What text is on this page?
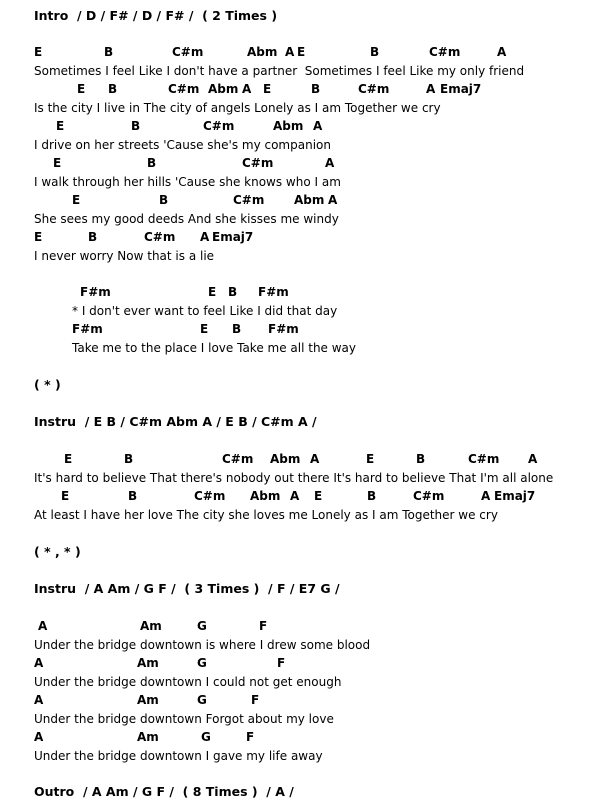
Intro  / D / F# / D / F# /  ( 2 Times )
E	B	C#m	Abm A E	B	C#m	A
Sometimes I feel Like I don't have a partner  Sometimes I feel Like my only friend
E B	C#m Abm A E	B	C#m	A Emaj7
Is the city I live in The city of angels Lonely as I am Together we cry
E	B	C#m	Abm A
I drive on her streets 'Cause she's my companion
E	B	C#m	A
I walk through her hills 'Cause she knows who I am
E	B	C#m Abm A
She sees my good deeds And she kisses me windy
E	B	C#m A Emaj7
I never worry Now that is a lie
F#m	E B F#m
* I don't ever want to feel Like I did that day
F#m	E B F#m
Take me to the place I love Take me all the way
( * )
Instru  / E B / C#m Abm A / E B / C#m A /
E	B	C#m Abm A	E	B	C#m A
It's hard to believe That there's nobody out there It's hard to believe That I'm all alone
E	B	C#m Abm A E	B	C#m	A Emaj7
At least I have her love The city she loves me Lonely as I am Together we cry
( * , * )
Instru  / A Am / G F /  ( 3 Times )  / F / E7 G /
A	Am	G	F
Under the bridge downtown is where I drew some blood
A	Am	G	F
Under the bridge downtown I could not get enough
A	Am	G	F
Under the bridge downtown Forgot about my love
A	Am	G	F
Under the bridge downtown I gave my life away
Outro  / A Am / G F /  ( 8 Times )  / A /
